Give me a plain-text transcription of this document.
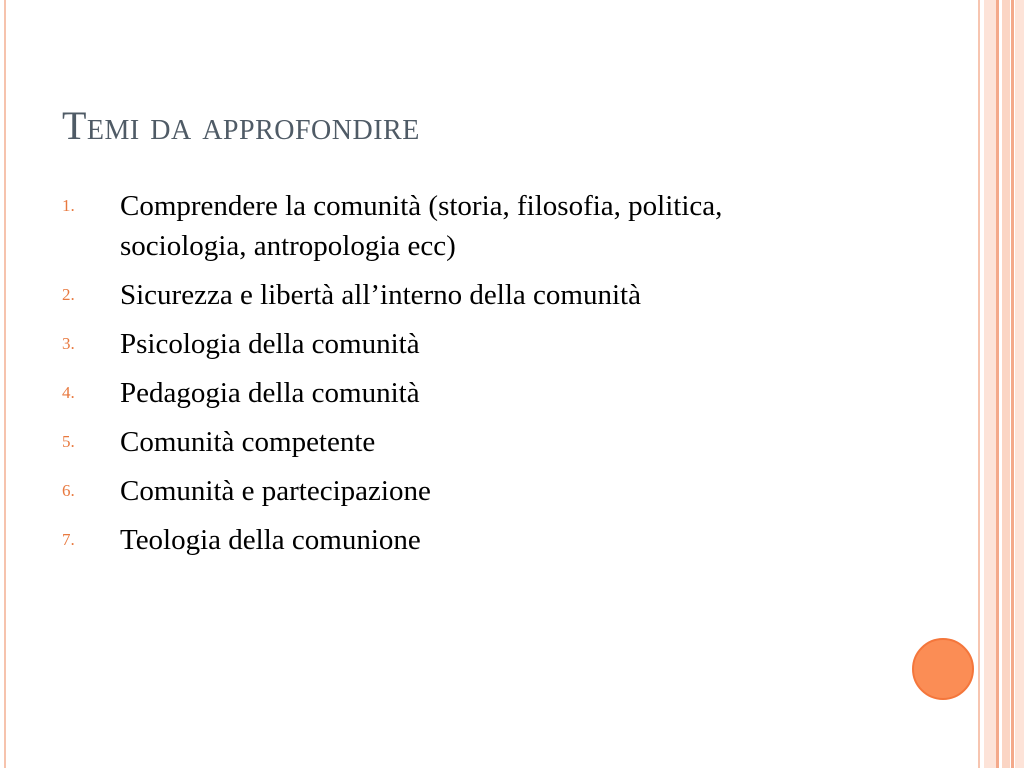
Temi da approfondire
1.	Comprendere la comunità (storia, filosofia, politica, sociologia, antropologia ecc)
2.	Sicurezza e libertà all’interno della comunità
3.	Psicologia della comunità
4.	Pedagogia della comunità
5.	Comunità competente
6.	Comunità e partecipazione
7.	Teologia della comunione
